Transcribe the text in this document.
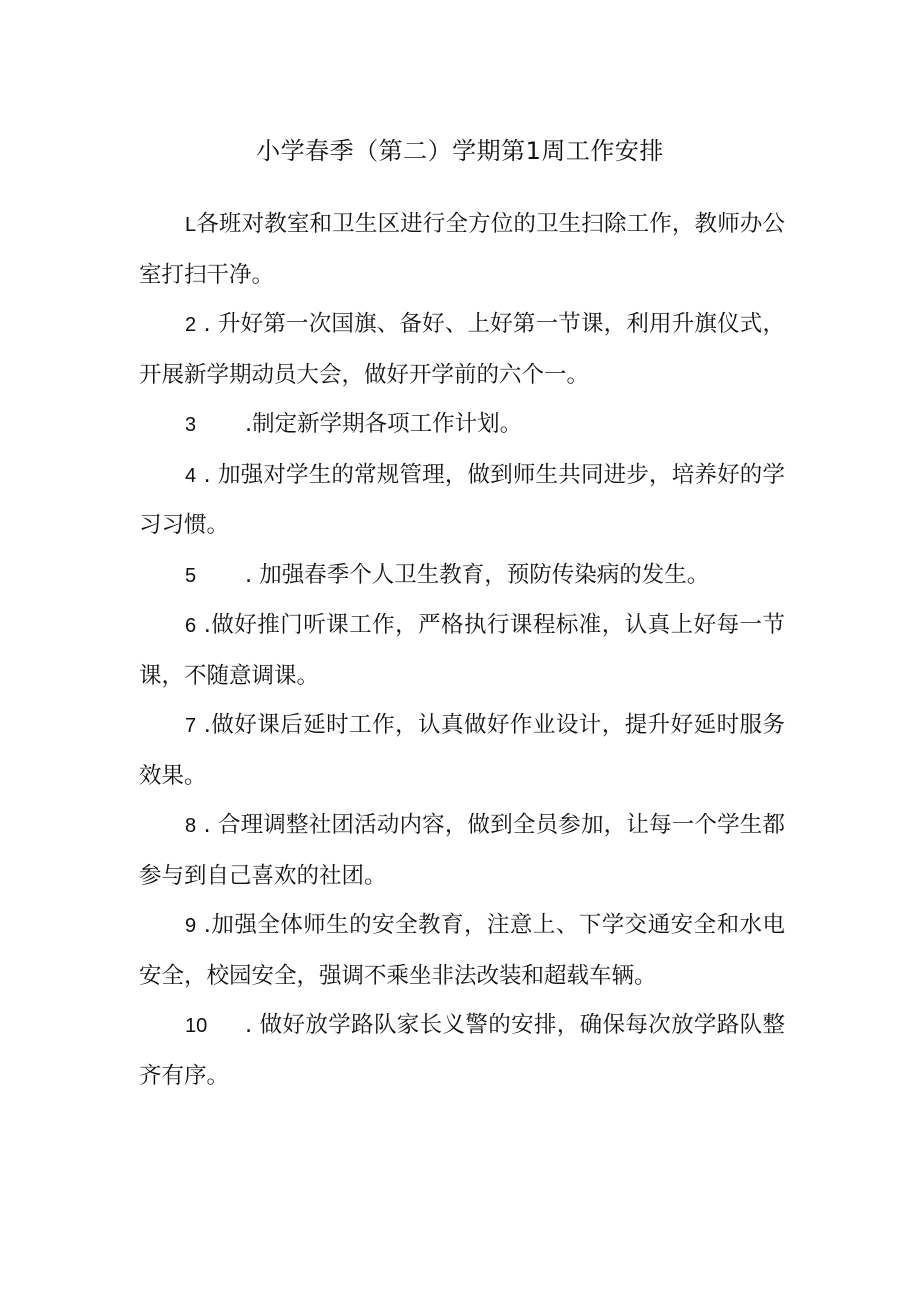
小学春季（第二）学期第1周工作安排

L各班对教室和卫生区进行全方位的卫生扫除工作，教师办公室打扫干净。

2 . 升好第一次国旗、备好、上好第一节课，利用升旗仪式，开展新学期动员大会，做好开学前的六个一。

3 .制定新学期各项工作计划。

4 . 加强对学生的常规管理，做到师生共同进步，培养好的学习习惯。

5 . 加强春季个人卫生教育，预防传染病的发生。

6 .做好推门听课工作，严格执行课程标准，认真上好每一节课，不随意调课。

7 .做好课后延时工作，认真做好作业设计，提升好延时服务效果。

8 . 合理调整社团活动内容，做到全员参加，让每一个学生都参与到自己喜欢的社团。

9 .加强全体师生的安全教育，注意上、下学交通安全和水电安全，校园安全，强调不乘坐非法改装和超载车辆。

10 . 做好放学路队家长义警的安排，确保每次放学路队整齐有序。
